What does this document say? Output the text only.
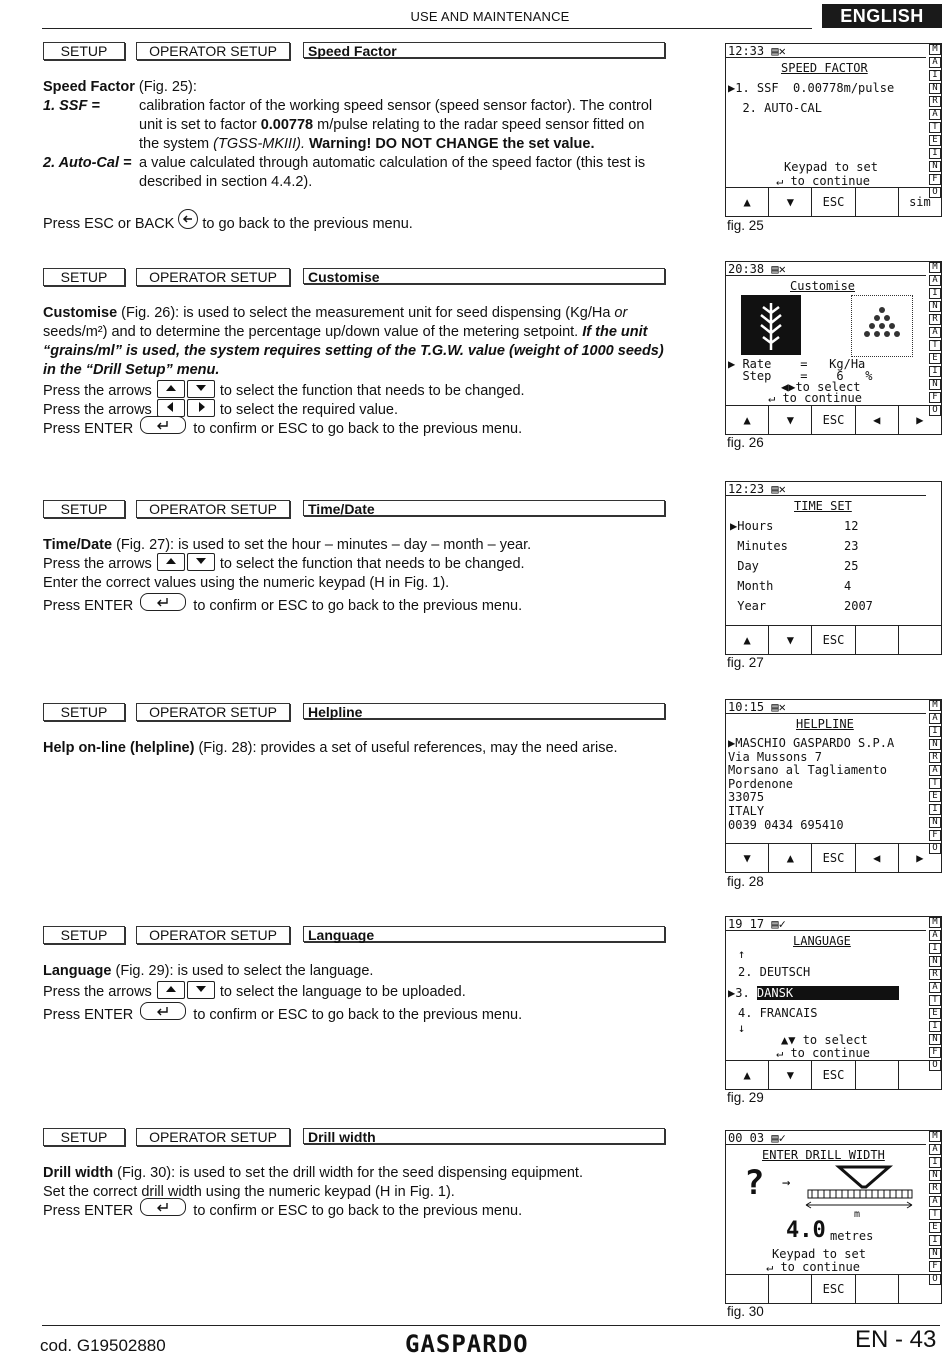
USE AND MAINTENANCE	ENGLISH
SETUP	OPERATOR SETUP	Speed Factor

Speed Factor (Fig. 25):

1. SSF =	calibration factor of the working speed sensor (speed sensor factor). The control unit is set to factor 0.00778 m/pulse relating to the radar speed sensor fitted on the system (TGSS-MKIII). Warning! DO NOT CHANGE the set value.
2. Auto-Cal = a value calculated through automatic calculation of the speed factor (this test is described in section 4.4.2).

Press ESC or BACK  to go back to the previous menu.

12:33 ▤✕	M
A
I
N
R
A
T
E
I
N
F
O
SPEED FACTOR
▶1. SSF  0.00778m/pulse
2. AUTO-CAL
Keypad to set
↵ to continue
▲	▼	ESC	sim
fig. 25
SETUP	OPERATOR SETUP	Customise

Customise (Fig. 26): is used to select the measurement unit for seed dispensing (Kg/Ha or seeds/m²) and to determine the percentage up/down value of the metering setpoint. If the unit “grains/ml” is used, the system requires setting of the T.G.W. value (weight of 1000 seeds) in the “Drill Setup” menu.

Press the arrows	to select the function that needs to be changed.

Press the arrows	to select the required value.

Press ENTER	to confirm or ESC to go back to the previous menu.

20:38 ▤✕	M
A
I
N
R
A
T
E
I
N
F
O
Customise
▶ Rate    =   Kg/Ha
Step    =    6   %
◀▶to select
↵ to continue
▲	▼	ESC	◀	▶
fig. 26
SETUP	OPERATOR SETUP	Time/Date

Time/Date (Fig. 27): is used to set the hour – minutes – day – month – year.

Press the arrows	to select the function that needs to be changed.

Enter the correct values using the numeric keypad (H in Fig. 1).

Press ENTER	to confirm or ESC to go back to the previous menu.

12:23 ▤✕
TIME SET
▶Hours	12
Minutes	23
Day	25
Month	4
Year	2007
▲	▼	ESC
fig. 27
SETUP	OPERATOR SETUP	Helpline

Help on-line (helpline) (Fig. 28): provides a set of useful references, may the need arise.

10:15 ▤✕	M
A
I
N
R
A
T
E
I
N
F
O
HELPLINE
▶MASCHIO GASPARDO S.P.A
Via Mussons 7
Morsano al Tagliamento
Pordenone
33075
ITALY
0039 0434 695410
▼	▲	ESC	◀	▶
fig. 28
SETUP	OPERATOR SETUP	Language

Language (Fig. 29): is used to select the language.

Press the arrows	to select the language to be uploaded.

Press ENTER	to confirm or ESC to go back to the previous menu.

19 17 ▤✓	M
A
I
N
R
A
T
E
I
N
F
O
LANGUAGE
↑
2. DEUTSCH
▶3. DANSK
4. FRANCAIS
↓
▲▼ to select
↵ to continue
▲	▼	ESC
fig. 29
SETUP	OPERATOR SETUP	Drill width

Drill width (Fig. 30): is used to set the drill width for the seed dispensing equipment.

Set the correct drill width using the numeric keypad (H in Fig. 1).

Press ENTER	to confirm or ESC to go back to the previous menu.

00 03 ▤✓	M
A
I
N
R
A
T
E
I
N
F
O
ENTER DRILL WIDTH
? →
m
4.0 metres
Keypad to set
↵ to continue
ESC
fig. 30
cod. G19502880	GASPARDO	EN - 43
